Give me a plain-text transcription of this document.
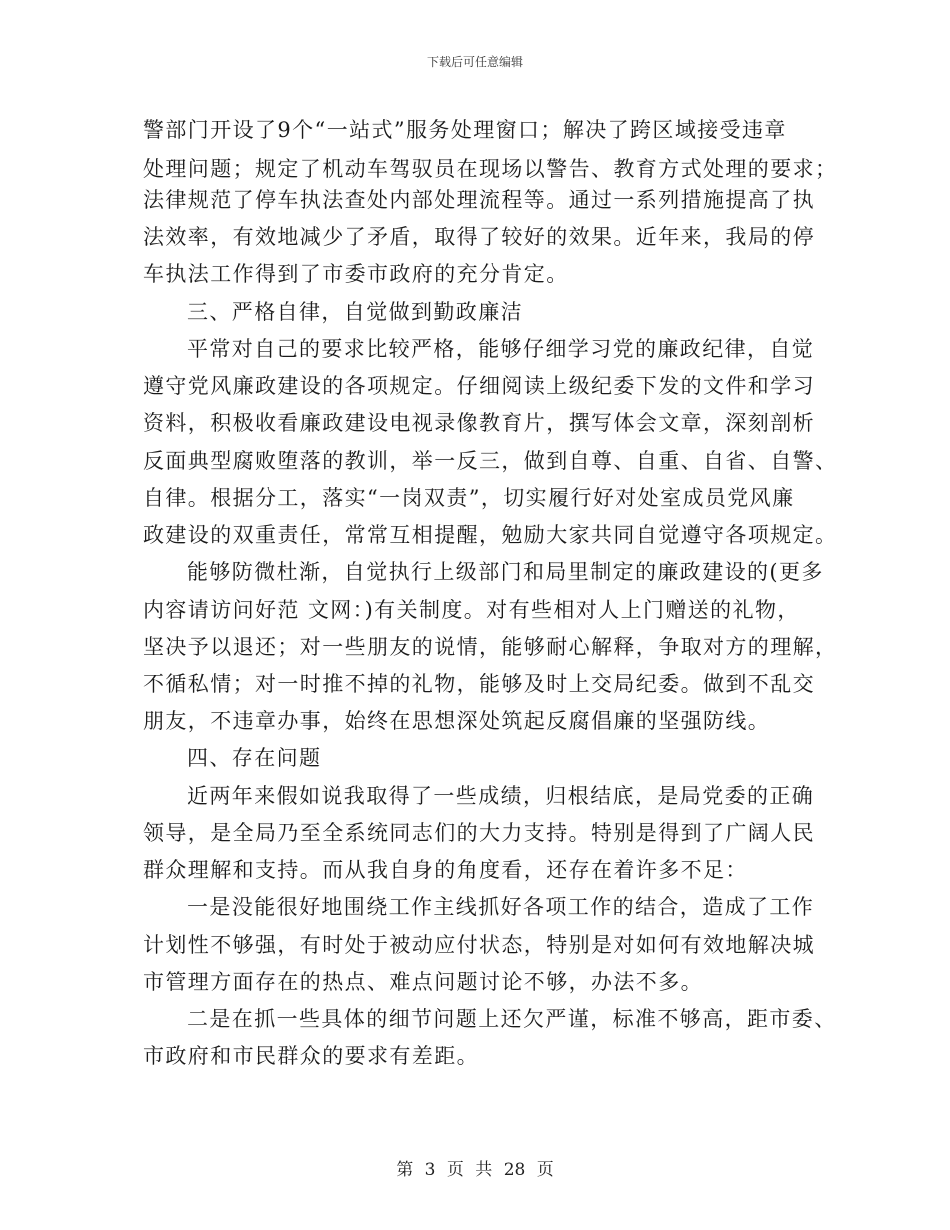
下载后可任意编辑
警部门开设了9个“一站式”服务处理窗口；解决了跨区域接受违章
处理问题；规定了机动车驾驭员在现场以警告、教育方式处理的要求；
法律规范了停车执法查处内部处理流程等。通过一系列措施提高了执
法效率，有效地减少了矛盾，取得了较好的效果。近年来，我局的停
车执法工作得到了市委市政府的充分肯定。
三、严格自律，自觉做到勤政廉洁
平常对自己的要求比较严格，能够仔细学习党的廉政纪律，自觉
遵守党风廉政建设的各项规定。仔细阅读上级纪委下发的文件和学习
资料，积极收看廉政建设电视录像教育片，撰写体会文章，深刻剖析
反面典型腐败堕落的教训，举一反三，做到自尊、自重、自省、自警、
自律。根据分工，落实“一岗双责”，切实履行好对处室成员党风廉
政建设的双重责任，常常互相提醒，勉励大家共同自觉遵守各项规定。
能够防微杜渐，自觉执行上级部门和局里制定的廉政建设的(更多
内容请访问好范 文网：)有关制度。对有些相对人上门赠送的礼物，
坚决予以退还；对一些朋友的说情，能够耐心解释，争取对方的理解，
不循私情；对一时推不掉的礼物，能够及时上交局纪委。做到不乱交
朋友，不违章办事，始终在思想深处筑起反腐倡廉的坚强防线。
四、存在问题
近两年来假如说我取得了一些成绩，归根结底，是局党委的正确
领导，是全局乃至全系统同志们的大力支持。特别是得到了广阔人民
群众理解和支持。而从我自身的角度看，还存在着许多不足：
一是没能很好地围绕工作主线抓好各项工作的结合，造成了工作
计划性不够强，有时处于被动应付状态，特别是对如何有效地解决城
市管理方面存在的热点、难点问题讨论不够，办法不多。
二是在抓一些具体的细节问题上还欠严谨，标准不够高，距市委、
市政府和市民群众的要求有差距。
第 3 页 共 28 页
